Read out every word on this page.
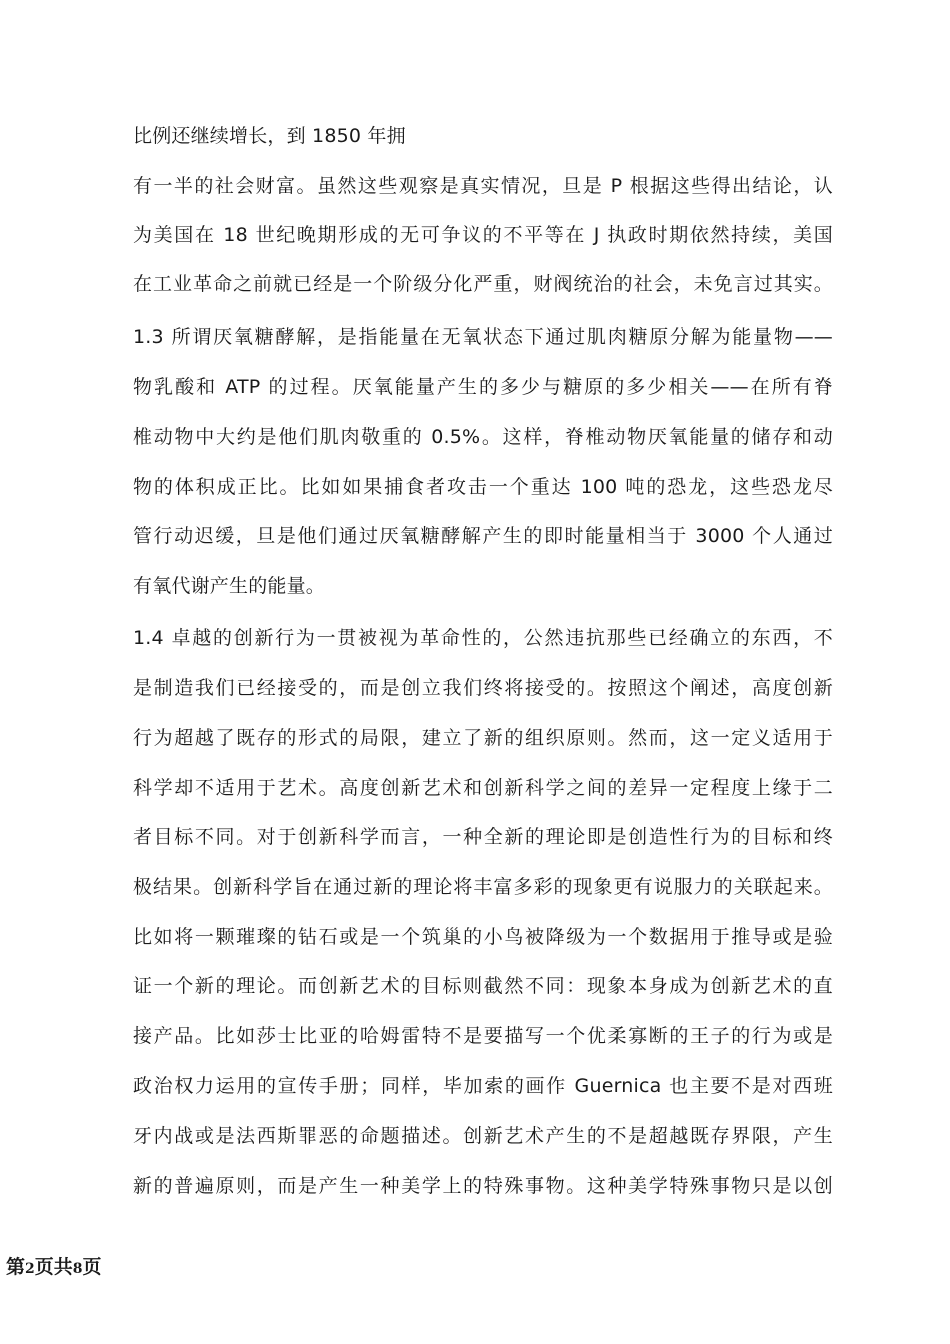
比例还继续增长，到 1850 年拥
有一半的社会财富。虽然这些观察是真实情况，旦是 P 根据这些得出结论，认
为美国在 18 世纪晚期形成的无可争议的不平等在 J 执政时期依然持续，美国
在工业革命之前就已经是一个阶级分化严重，财阀统治的社会，未免言过其实。
1.3 所谓厌氧糖酵解，是指能量在无氧状态下通过肌肉糖原分解为能量物——
物乳酸和 ATP 的过程。厌氧能量产生的多少与糖原的多少相关——在所有脊
椎动物中大约是他们肌肉敬重的 0.5%。这样，脊椎动物厌氧能量的储存和动
物的体积成正比。比如如果捕食者攻击一个重达 100 吨的恐龙，这些恐龙尽
管行动迟缓，旦是他们通过厌氧糖酵解产生的即时能量相当于 3000 个人通过
有氧代谢产生的能量。
1.4 卓越的创新行为一贯被视为革命性的，公然违抗那些已经确立的东西，不
是制造我们已经接受的，而是创立我们终将接受的。按照这个阐述，高度创新
行为超越了既存的形式的局限，建立了新的组织原则。然而，这一定义适用于
科学却不适用于艺术。高度创新艺术和创新科学之间的差异一定程度上缘于二
者目标不同。对于创新科学而言，一种全新的理论即是创造性行为的目标和终
极结果。创新科学旨在通过新的理论将丰富多彩的现象更有说服力的关联起来。
比如将一颗璀璨的钻石或是一个筑巢的小鸟被降级为一个数据用于推导或是验
证一个新的理论。而创新艺术的目标则截然不同：现象本身成为创新艺术的直
接产品。比如莎士比亚的哈姆雷特不是要描写一个优柔寡断的王子的行为或是
政治权力运用的宣传手册；同样，毕加索的画作 Guernica 也主要不是对西班
牙内战或是法西斯罪恶的命题描述。创新艺术产生的不是超越既存界限，产生
新的普遍原则，而是产生一种美学上的特殊事物。这种美学特殊事物只是以创
第2页共8页
